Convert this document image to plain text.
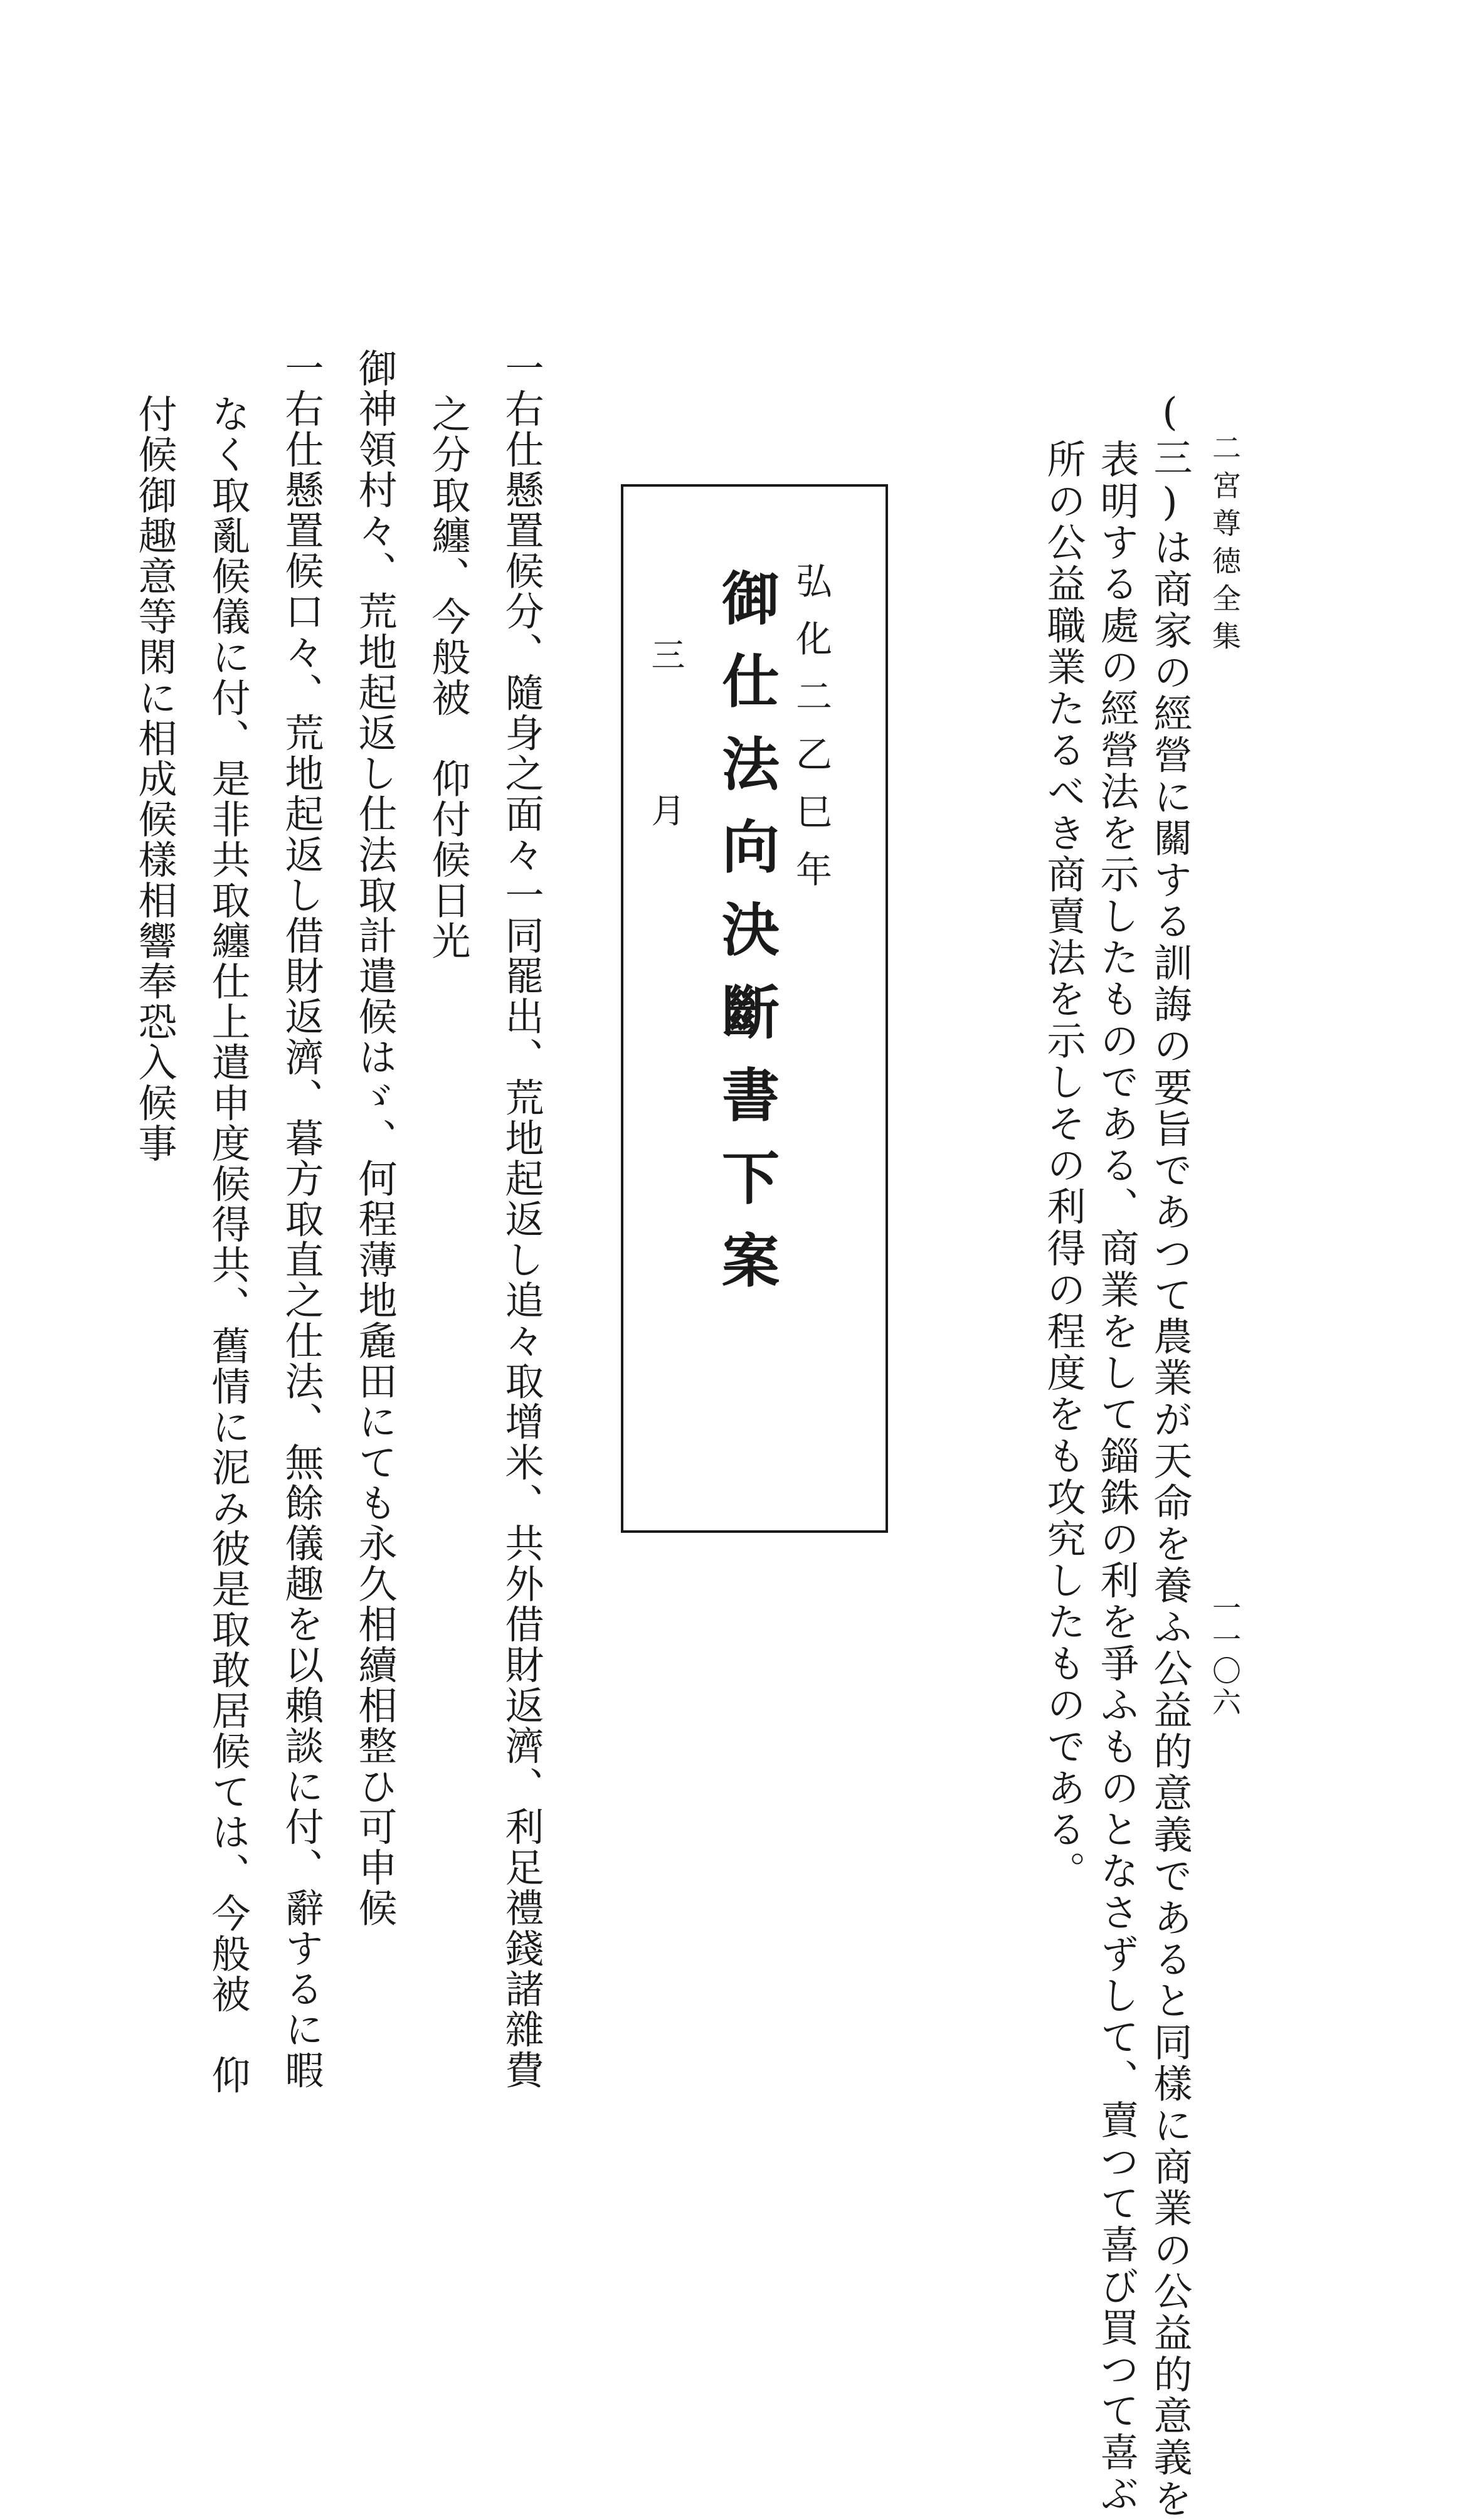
二宮尊徳全集
一一〇六
(三)は商家の經營に關する訓誨の要旨であつて農業が天命を養ふ公益的意義であると同樣に商業の公益的意義を
表明する處の經營法を示したものである、商業をして錙銖の利を爭ふものとなさずして、賣つて喜び買つて喜ぶ
所の公益職業たるべき商賣法を示しその利得の程度をも攻究したものである。
弘化二乙巳年
御仕法向決斷書下案
三　月
一右仕懸置候分、隨身之面々一同罷出、荒地起返し追々取增米、共外借財返濟、利足禮錢諸雜費
之分取纏、今般被　仰付候日光
御神領村々、荒地起返し仕法取計遣候はゞ、何程薄地麁田にても永久相續相整ひ可申候
一右仕懸置候口々、荒地起返し借財返濟、暮方取直之仕法、無餘儀趣を以賴談に付、辭するに暇
なく取亂候儀に付、是非共取纏仕上遣申度候得共、舊情に泥み彼是取敢居候ては、今般被　仰
付候御趣意等閑に相成候樣相響奉恐入候事
